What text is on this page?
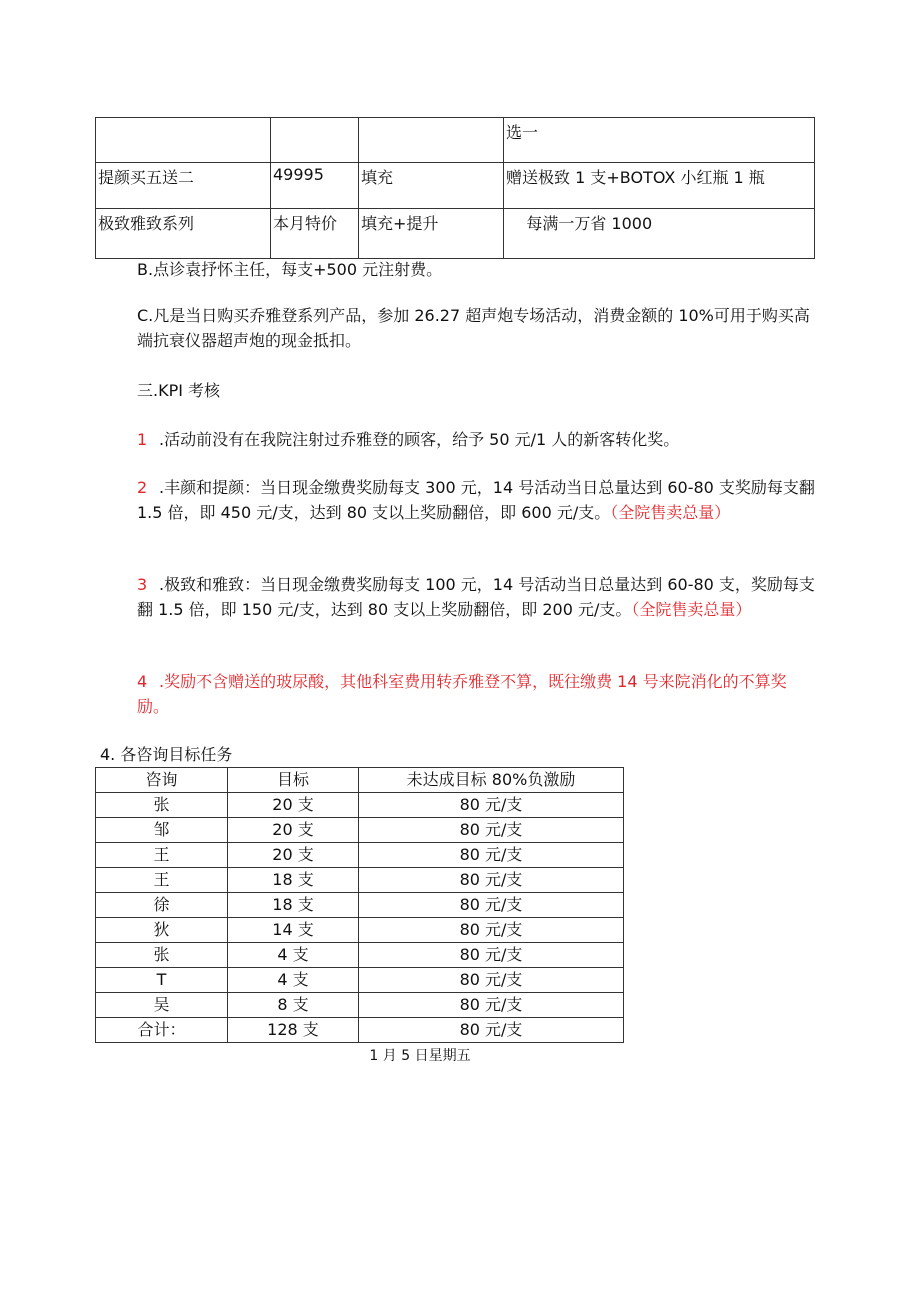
			选一
提颜买五送二	49995	填充	赠送极致 1 支+BOTOX 小红瓶 1 瓶
极致雅致系列	本月特价	填充+提升	每满一万省 1000
B.点诊袁抒怀主任，每支+500 元注射费。
C.凡是当日购买乔雅登系列产品，参加 26.27 超声炮专场活动，消费金额的 10%可用于购买高端抗衰仪器超声炮的现金抵扣。
三.KPI 考核
1 .活动前没有在我院注射过乔雅登的顾客，给予 50 元/1 人的新客转化奖。
2 .丰颜和提颜：当日现金缴费奖励每支 300 元，14 号活动当日总量达到 60-80 支奖励每支翻 1.5 倍，即 450 元/支，达到 80 支以上奖励翻倍，即 600 元/支。（全院售卖总量）
3 .极致和雅致：当日现金缴费奖励每支 100 元，14 号活动当日总量达到 60-80 支，奖励每支翻 1.5 倍，即 150 元/支，达到 80 支以上奖励翻倍，即 200 元/支。（全院售卖总量）
4 .奖励不含赠送的玻尿酸，其他科室费用转乔雅登不算，既往缴费 14 号来院消化的不算奖励。
4. 各咨询目标任务
咨询	目标	未达成目标 80%负激励
张	20 支	80 元/支
邹	20 支	80 元/支
王	20 支	80 元/支
王	18 支	80 元/支
徐	18 支	80 元/支
狄	14 支	80 元/支
张	4 支	80 元/支
T	4 支	80 元/支
吴	8 支	80 元/支
合计：	128 支	80 元/支
1 月 5 日星期五
